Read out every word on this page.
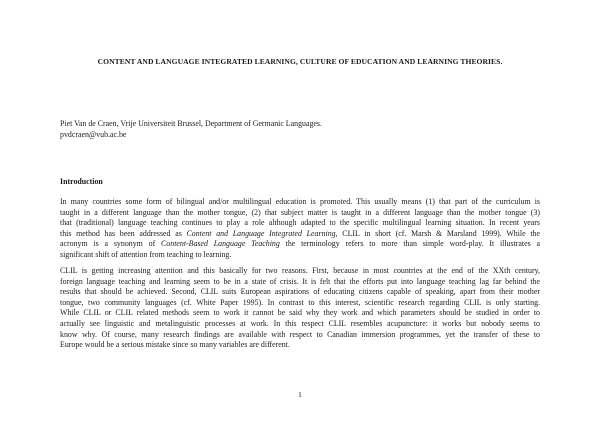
CONTENT AND LANGUAGE INTEGRATED LEARNING, CULTURE OF EDUCATION AND LEARNING THEORIES.
Piet Van de Craen, Vrije Universiteit Brussel, Department of Germanic Languages.
pvdcraen@vub.ac.be
Introduction
In many countries some form of bilingual and/or multilingual education is promoted. This usually means (1) that part of the curriculum is
taught in a different language than the mother tongue, (2) that subject matter is taught in a different language than the mother tongue (3)
that (traditional) language teaching continues to play a role although adapted to the specific multilingual learning situation. In recent years
this method has been addressed as Content and Language Integrated Learning, CLIL in short (cf. Marsh & Marsland 1999). While the
acronym is a synonym of Content-Based Language Teaching the terminology refers to more than simple word-play. It illustrates a
significant shift of attention from teaching to learning.
CLIL is getting increasing attention and this basically for two reasons. First, because in most countries at the end of the XXth century,
foreign language teaching and learning seem to be in a state of crisis. It is felt that the efforts put into language teaching lag far behind the
results that should be achieved. Second, CLIL suits European aspirations of educating citizens capable of speaking, apart from their mother
tongue, two community languages (cf. White Paper 1995). In contrast to this interest, scientific research regarding CLIL is only starting.
While CLIL or CLIL related methods seem to work it cannot be said why they work and which parameters should be studied in order to
actually see linguistic and metalinguistic processes at work. In this respect CLIL resembles acupuncture: it works but nobody seems to
know why. Of course, many research findings are available with respect to Canadian immersion programmes, yet the transfer of these to
Europe would be a serious mistake since so many variables are different.
1
